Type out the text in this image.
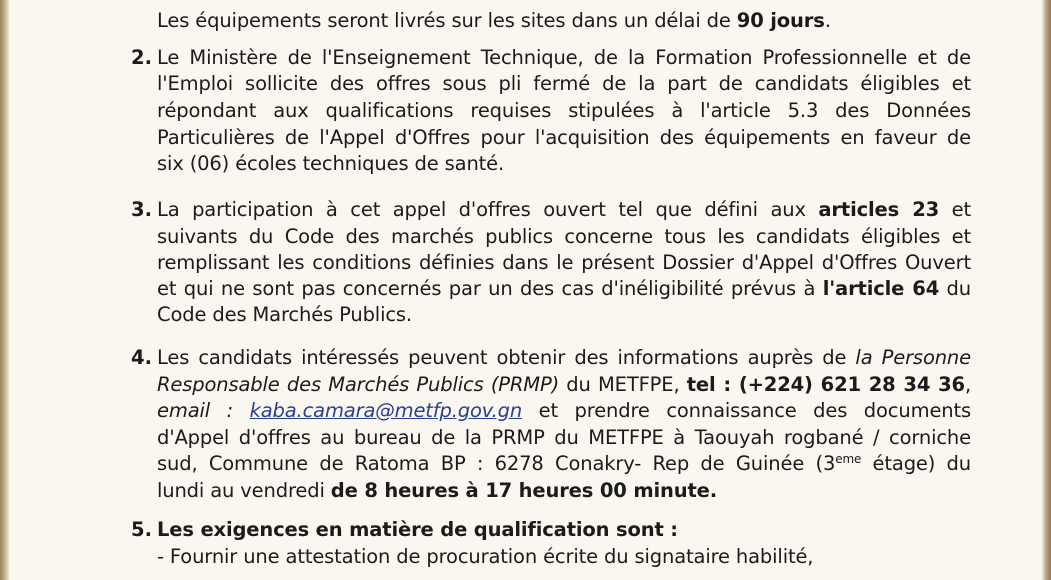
Les équipements seront livrés sur les sites dans un délai de 90 jours.
2. Le Ministère de l'Enseignement Technique, de la Formation Professionnelle et de
l'Emploi sollicite des offres sous pli fermé de la part de candidats éligibles et
répondant aux qualifications requises stipulées à l'article 5.3 des Données
Particulières de l'Appel d'Offres pour l'acquisition des équipements en faveur de
six (06) écoles techniques de santé.
3. La participation à cet appel d'offres ouvert tel que défini aux articles 23 et
suivants du Code des marchés publics concerne tous les candidats éligibles et
remplissant les conditions définies dans le présent Dossier d'Appel d'Offres Ouvert
et qui ne sont pas concernés par un des cas d'inéligibilité prévus à l'article 64 du
Code des Marchés Publics.
4. Les candidats intéressés peuvent obtenir des informations auprès de la Personne
Responsable des Marchés Publics (PRMP) du METFPE, tel : (+224) 621 28 34 36,
email : kaba.camara@metfp.gov.gn et prendre connaissance des documents
d'Appel d'offres au bureau de la PRMP du METFPE à Taouyah rogbané / corniche
sud, Commune de Ratoma BP : 6278 Conakry- Rep de Guinée (3eme étage) du
lundi au vendredi de 8 heures à 17 heures 00 minute.
5. Les exigences en matière de qualification sont :
- Fournir une attestation de procuration écrite du signataire habilité,
